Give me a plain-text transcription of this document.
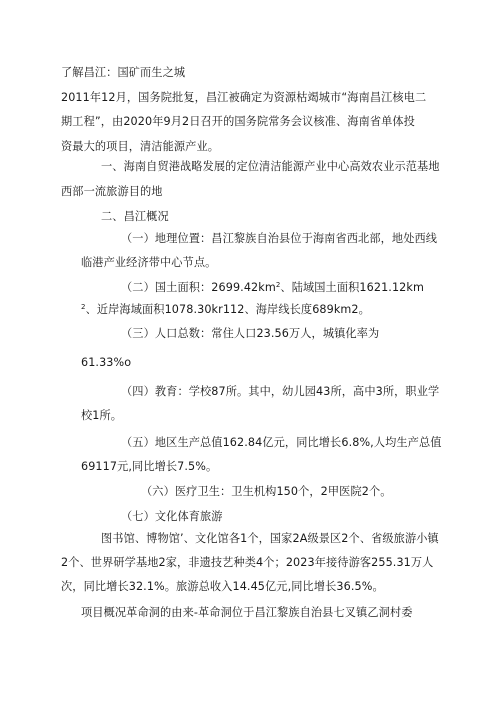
了解昌江：国矿而生之城
2011年12月，国务院批复，昌江被确定为资源枯竭城市“海南昌江核电二
期工程”，由2020年9月2日召开的国务院常务会议核准、海南省单体投
资最大的项目，清洁能源产业。
一、海南自贸港战略发展的定位清洁能源产业中心高效农业示范基地
西部一流旅游目的地
二、昌江概况
（一）地理位置：昌江黎族自治县位于海南省西北部，地处西线
临港产业经济带中心节点。
（二）国土面积：$2699.42km^2$、陆域国土面积1621.12km
$^2$、近岸海域面积1078.30kr112、海岸线长度689km2。
（三）人口总数：常住人口23.56万人，城镇化率为
61.33%o
（四）教育：学校87所。其中，幼儿园43所，高中3所，职业学
校1所。
（五）地区生产总值162.84亿元，同比增长6.8%,人均生产总值
69117元,同比增长7.5%。
（六）医疗卫生：卫生机构150个，2甲医院2个。
（七）文化体育旅游
图书馆、博物馆’、文化馆各1个，国家2A级景区2个、省级旅游小镇
2个、世界研学基地2家，非遗技艺种类4个；2023年接待游客255.31万人
次，同比增长32.1%。旅游总收入14.45亿元,同比增长36.5%。
项目概况革命洞的由来-革命洞位于昌江黎族自治县七叉镇乙洞村委
